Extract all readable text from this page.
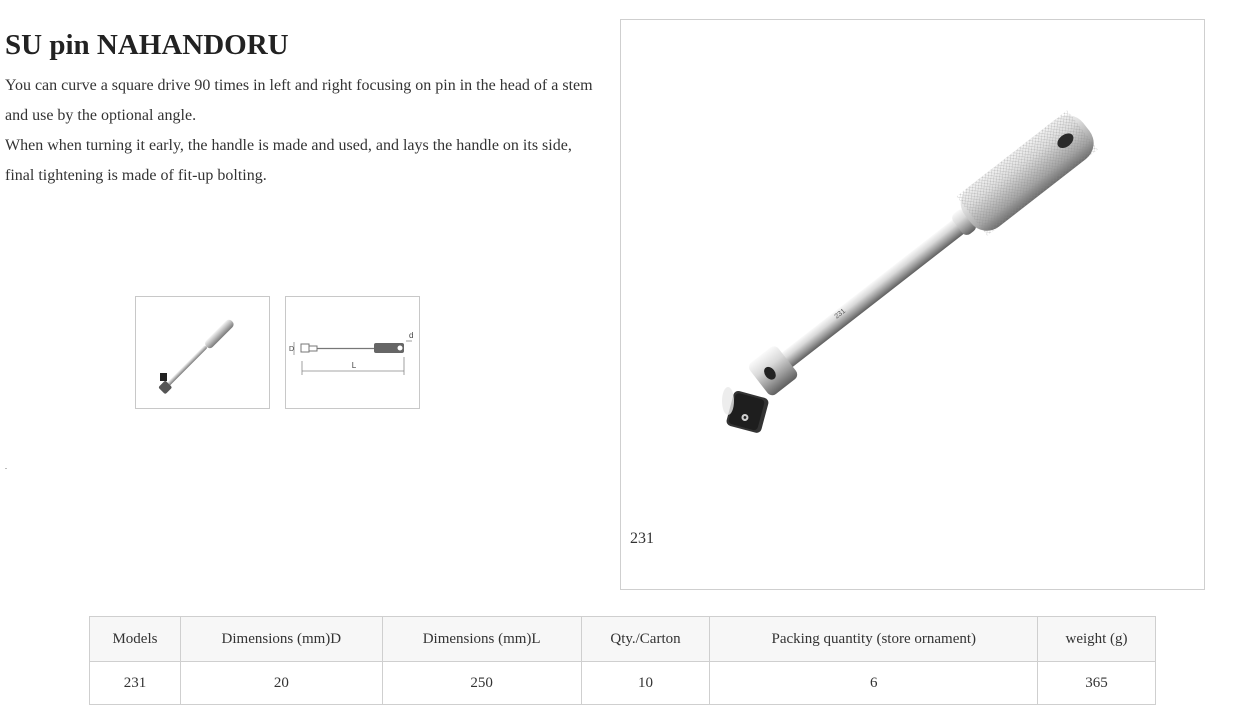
SU pin NAHANDORU

You can curve a square drive 90 times in left and right focusing on pin in the head of a stem and use by the optional angle.

When when turning it early, the handle is made and used, and lays the handle on its side, final tightening is made of fit-up bolting.

L
D
d
231
231
Models	Dimensions (mm)D	Dimensions (mm)L	Qty./Carton	Packing quantity (store ornament)	weight (g)
231	20	250	10	6	365
